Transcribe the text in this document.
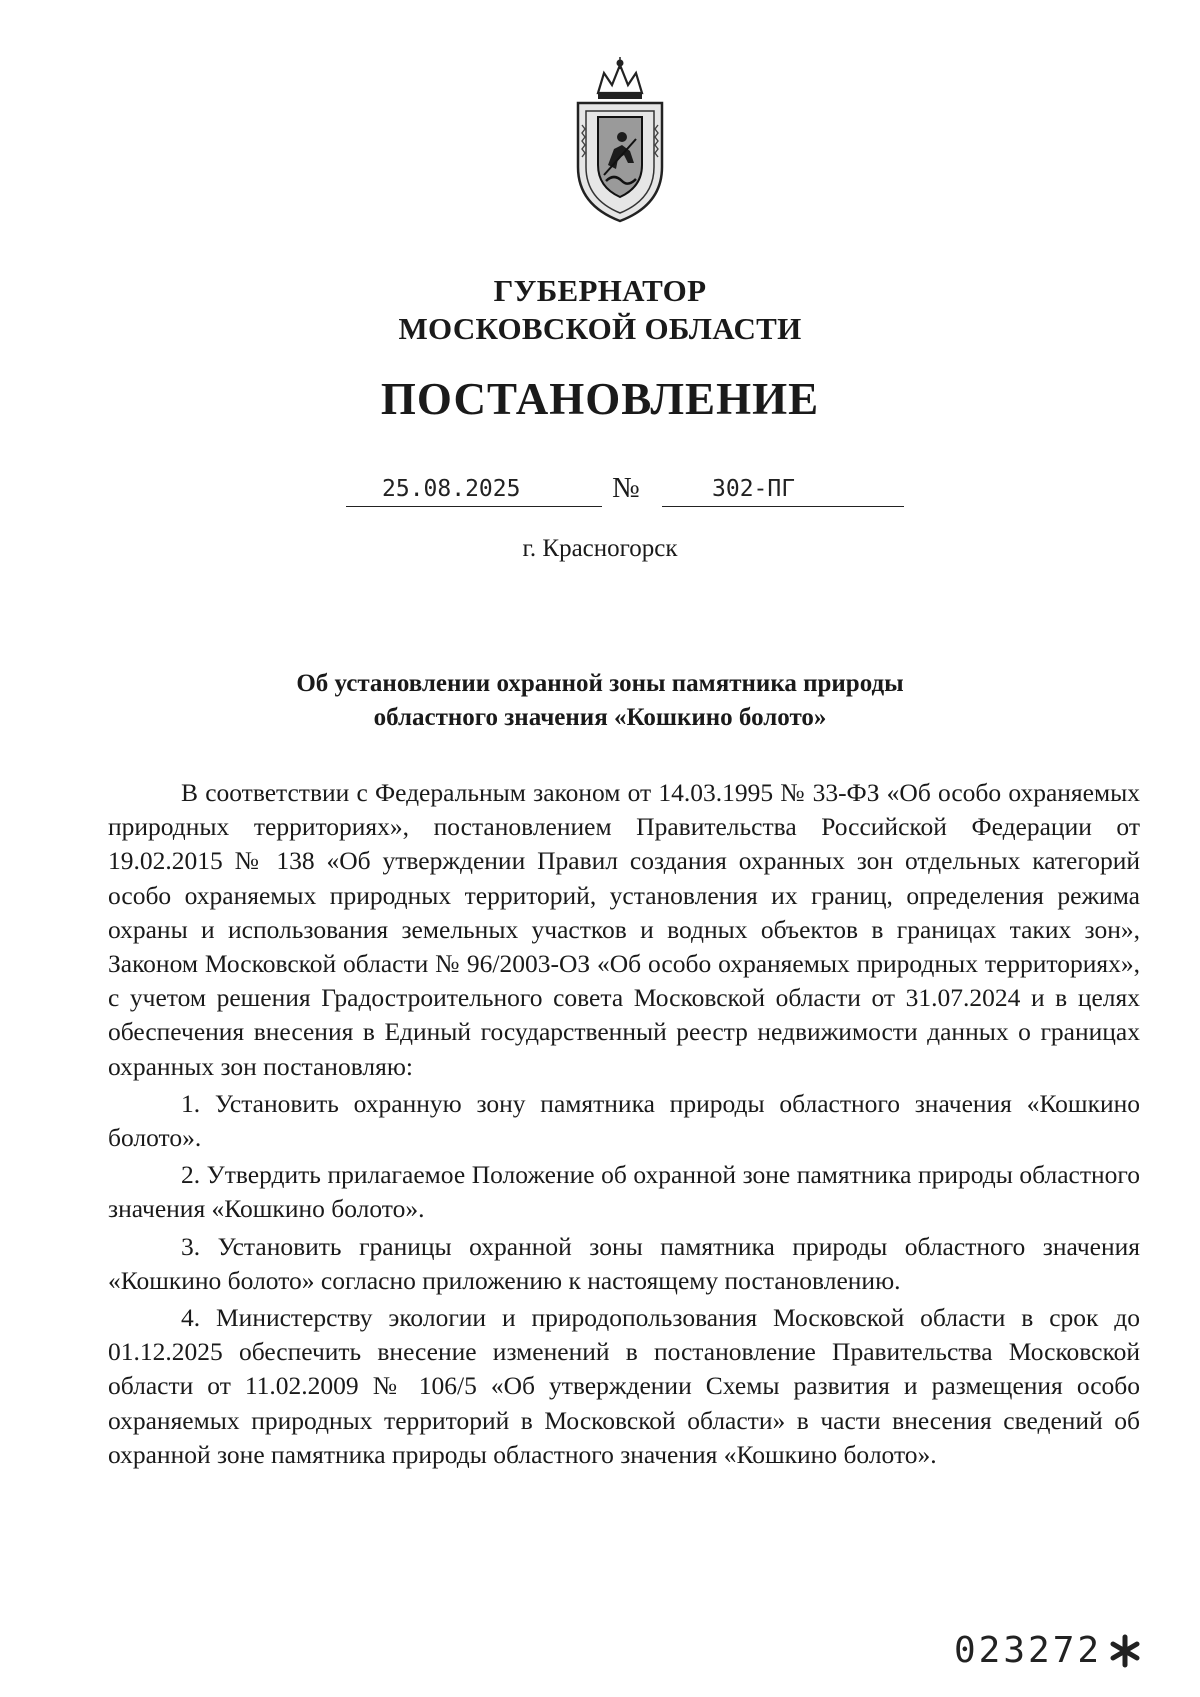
ГУБЕРНАТОР
МОСКОВСКОЙ ОБЛАСТИ
ПОСТАНОВЛЕНИЕ
25.08.2025	№	302-ПГ
г. Красногорск
Об установлении охранной зоны памятника природы
областного значения «Кошкино болото»

В соответствии с Федеральным законом от 14.03.1995 № 33-ФЗ «Об особо охраняемых природных территориях», постановлением Правительства Российской Федерации от 19.02.2015 № 138 «Об утверждении Правил создания охранных зон отдельных категорий особо охраняемых природных территорий, установления их границ, определения режима охраны и использования земельных участков и водных объектов в границах таких зон», Законом Московской области № 96/2003-ОЗ «Об особо охраняемых природных территориях», с учетом решения Градостроительного совета Московской области от 31.07.2024 и в целях обеспечения внесения в Единый государственный реестр недвижимости данных о границах охранных зон постановляю:

1. Установить охранную зону памятника природы областного значения «Кошкино болото».

2. Утвердить прилагаемое Положение об охранной зоне памятника природы областного значения «Кошкино болото».

3. Установить границы охранной зоны памятника природы областного значения «Кошкино болото» согласно приложению к настоящему постановлению.

4. Министерству экологии и природопользования Московской области в срок до 01.12.2025 обеспечить внесение изменений в постановление Правительства Московской области от 11.02.2009 № 106/5 «Об утверждении Схемы развития и размещения особо охраняемых природных территорий в Московской области» в части внесения сведений об охранной зоне памятника природы областного значения «Кошкино болото».

023272
